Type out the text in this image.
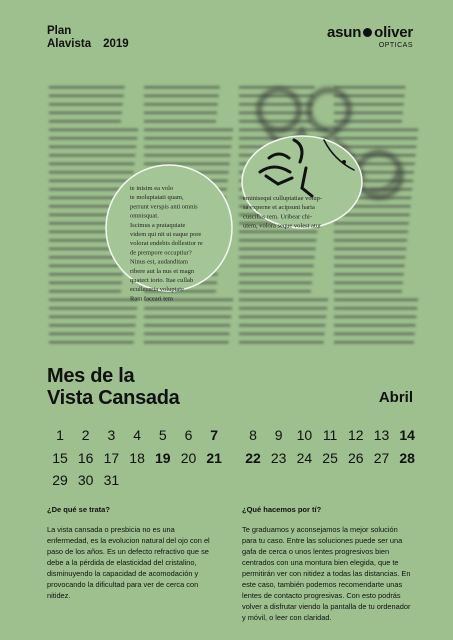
Plan
Alavista 2019
asun oliver
OPTICAS
te inisim ea volo
te moluptatati quam,
perrunt verspis anti omnis
omnisquat.
Iscimus a prataquiate
videm qui nit ut eaque pore
volorat endebis dollestior re
de prempore occuptiur?
Ninus est, audanditam
ribere aut la nus et magn
quatect iorio. Itae cullab
eculleceria voluptate
Ram faceari tem
eminisequi culluptatiae volup-
sa experne et acipsunt haria
cuscillas rem. Uribear chi-
utem, volora seque volest atur
Mes de la
Vista Cansada	Abril
1	2	3	4	5	6	7
15 16 17 18 19 20 21
29 30 31
8	9	10 11 12 13 14
22 23 24 25 26 27 28
¿De qué se trata?	¿Qué hacemos por tí?
La vista cansada o presbicia no es una enfermedad, es la evolucion natural del ojo con el paso de los años. Es un defecto refractivo que se debe a la pérdida de elasticidad del cristalino, disminuyendo la capacidad de acomodación y provocando la dificultad para ver de cerca con nitidez.
Te graduamos y aconsejamos la mejor solución para tu caso. Entre las soluciones puede ser una gafa de cerca o unos lentes progresivos bien centrados con una montura bien elegida, que te permitirán ver con nitidez a todas las distancias. En este caso, también podemos recomendarte unas lentes de contacto progresivas. Con esto podrás volver a disfrutar viendo la pantalla de tu ordenador y móvil, o leer con claridad.
